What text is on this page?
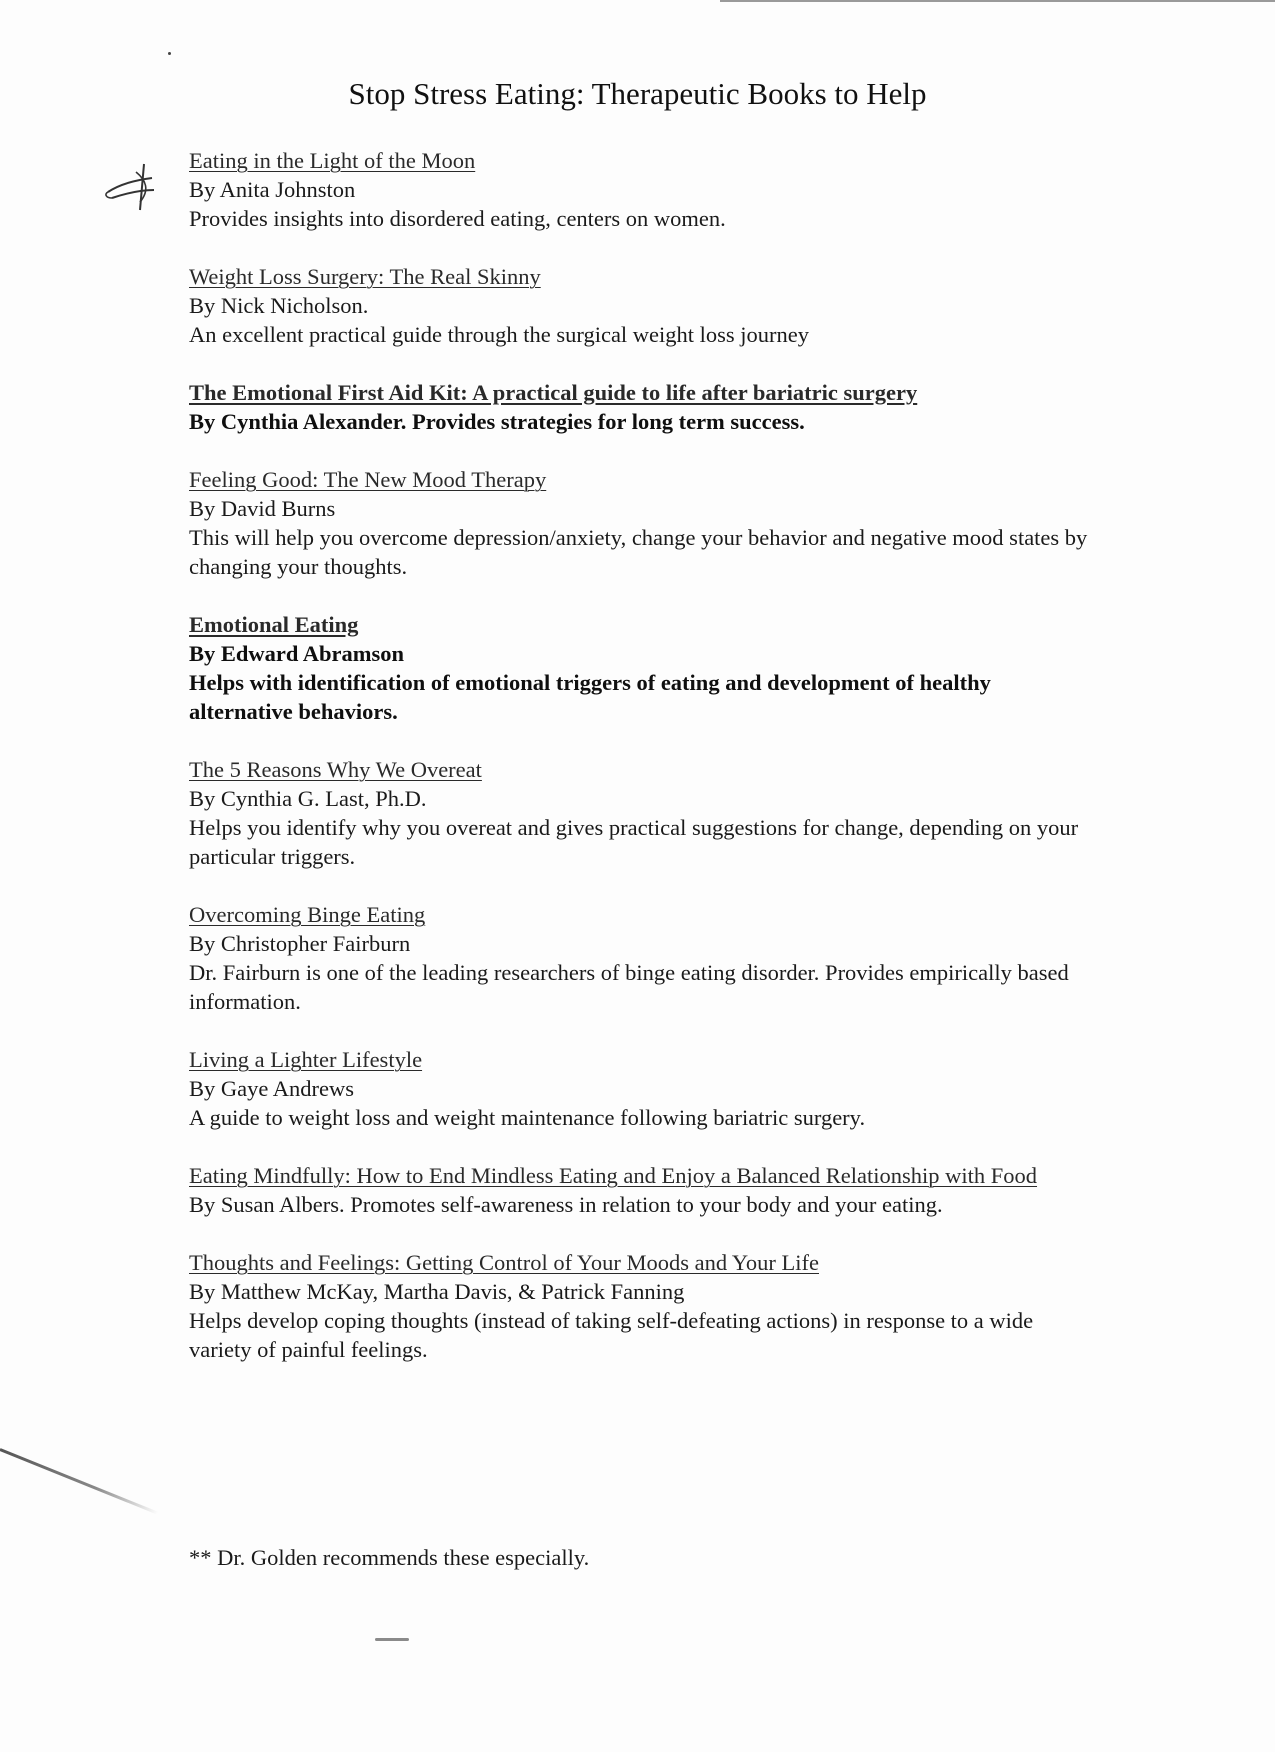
Stop Stress Eating: Therapeutic Books to Help
Eating in the Light of the Moon
By Anita Johnston
Provides insights into disordered eating, centers on women.
Weight Loss Surgery: The Real Skinny
By Nick Nicholson.
An excellent practical guide through the surgical weight loss journey
The Emotional First Aid Kit: A practical guide to life after bariatric surgery
By Cynthia Alexander. Provides strategies for long term success.
Feeling Good: The New Mood Therapy
By David Burns
This will help you overcome depression/anxiety, change your behavior and negative mood states by changing your thoughts.
Emotional Eating
By Edward Abramson
Helps with identification of emotional triggers of eating and development of healthy alternative behaviors.
The 5 Reasons Why We Overeat
By Cynthia G. Last, Ph.D.
Helps you identify why you overeat and gives practical suggestions for change, depending on your particular triggers.
Overcoming Binge Eating
By Christopher Fairburn
Dr. Fairburn is one of the leading researchers of binge eating disorder. Provides empirically based information.
Living a Lighter Lifestyle
By Gaye Andrews
A guide to weight loss and weight maintenance following bariatric surgery.
Eating Mindfully: How to End Mindless Eating and Enjoy a Balanced Relationship with Food
By Susan Albers. Promotes self-awareness in relation to your body and your eating.
Thoughts and Feelings: Getting Control of Your Moods and Your Life
By Matthew McKay, Martha Davis, & Patrick Fanning
Helps develop coping thoughts (instead of taking self-defeating actions) in response to a wide variety of painful feelings.
** Dr. Golden recommends these especially.
